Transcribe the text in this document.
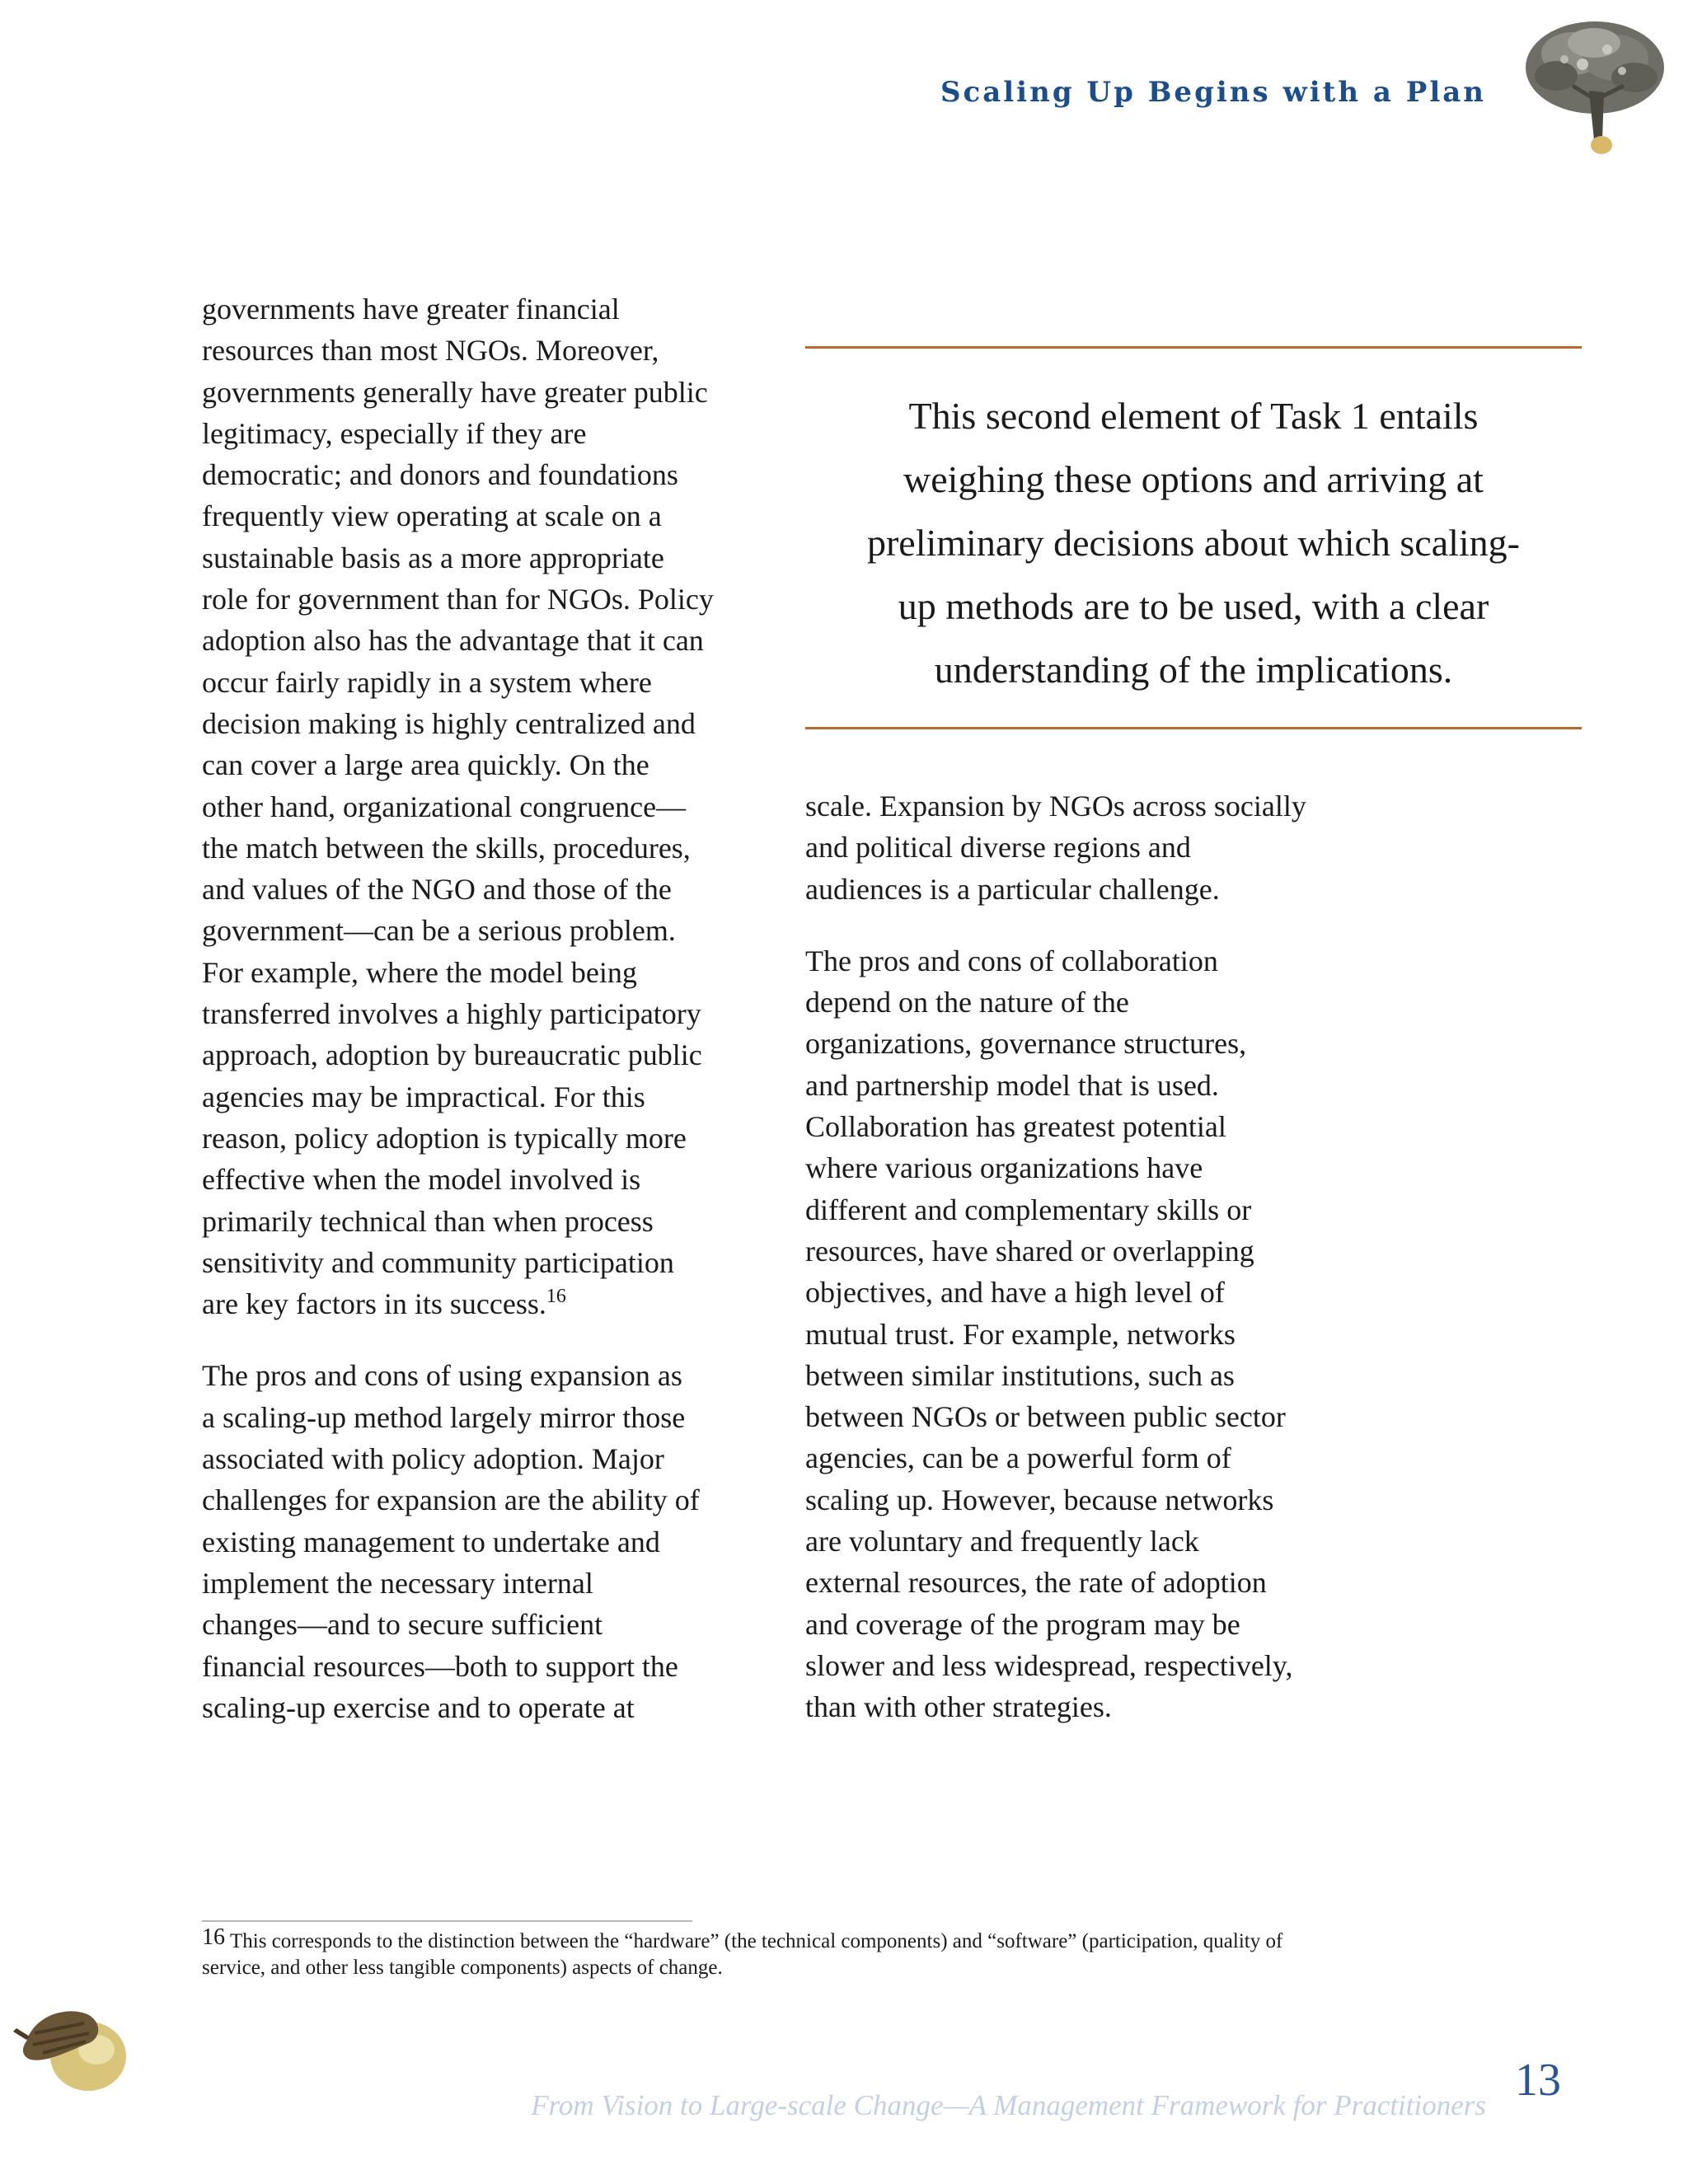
Scaling Up Begins with a Plan

governments have greater financial
resources than most NGOs. Moreover,
governments generally have greater public
legitimacy, especially if they are
democratic; and donors and foundations
frequently view operating at scale on a
sustainable basis as a more appropriate
role for government than for NGOs. Policy
adoption also has the advantage that it can
occur fairly rapidly in a system where
decision making is highly centralized and
can cover a large area quickly. On the
other hand, organizational congruence—
the match between the skills, procedures,
and values of the NGO and those of the
government—can be a serious problem.
For example, where the model being
transferred involves a highly participatory
approach, adoption by bureaucratic public
agencies may be impractical. For this
reason, policy adoption is typically more
effective when the model involved is
primarily technical than when process
sensitivity and community participation
are key factors in its success.$^{16}$

The pros and cons of using expansion as
a scaling-up method largely mirror those
associated with policy adoption. Major
challenges for expansion are the ability of
existing management to undertake and
implement the necessary internal
changes—and to secure sufficient
financial resources—both to support the
scaling-up exercise and to operate at

This second element of Task 1 entails
weighing these options and arriving at
preliminary decisions about which scaling-
up methods are to be used, with a clear
understanding of the implications.

scale. Expansion by NGOs across socially
and political diverse regions and
audiences is a particular challenge.

The pros and cons of collaboration
depend on the nature of the
organizations, governance structures,
and partnership model that is used.
Collaboration has greatest potential
where various organizations have
different and complementary skills or
resources, have shared or overlapping
objectives, and have a high level of
mutual trust. For example, networks
between similar institutions, such as
between NGOs or between public sector
agencies, can be a powerful form of
scaling up. However, because networks
are voluntary and frequently lack
external resources, the rate of adoption
and coverage of the program may be
slower and less widespread, respectively,
than with other strategies.

16 This corresponds to the distinction between the “hardware” (the technical components) and “software” (participation, quality of
service, and other less tangible components) aspects of change.
From Vision to Large-scale Change—A Management Framework for Practitioners 13
